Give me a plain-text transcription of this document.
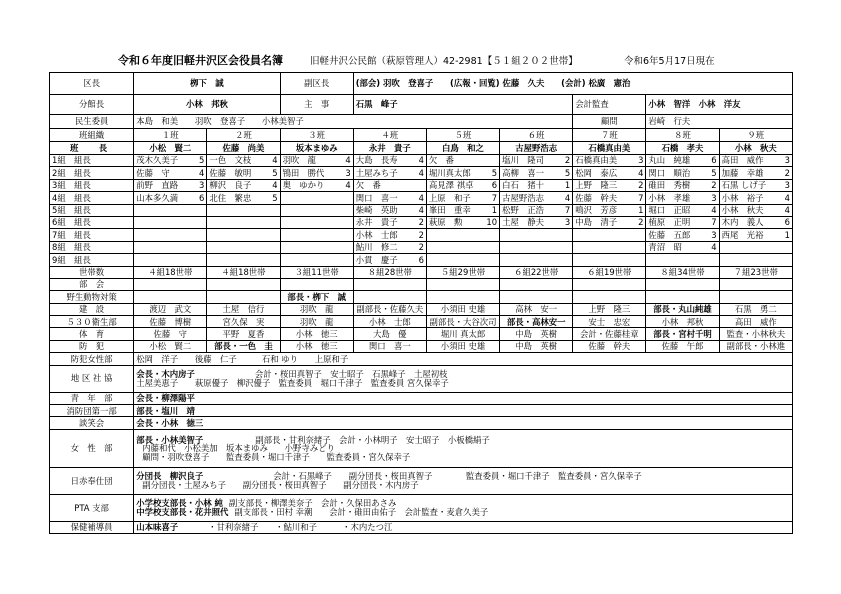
令和６年度旧軽井沢区会役員名簿	旧軽井沢公民館（萩原管理人）42-2981【５１組２０２世帯】	令和6年5月17日現在
区長	栁下　誠				副区長		(部会) 羽吹　登喜子　　(広報・回覧) 佐藤　久夫　　(会計) 松廣　憲治											
分館長	小林　邦秋				主　事		石黒　峰子						会計監査		小林　智洋　小林　洋友			
民生委員	本島　和美　　羽吹　登喜子　　小林美智子												顧問		岩崎　行夫			
班組織	１班		２班		３班		４班		５班		６班		７班		８班		９班	
班　長	小松　賢二		佐藤　尚美		坂本まゆみ		永井　貴子		白鳥　和之		古屋野浩志		石橋真由美		石橋　孝夫		小林　秋夫	
1組　組長	茂木久美子	5	一色　文枝	4	羽吹　龍	4	大島　長寿	4	欠　番		塩川　隆司	2	石橋真由美	3	丸山　純雄	6	高田　威作	3
2組　組長	佐藤　守	4	佐藤　敏明	5	鴇田　勝代	3	土屋みち子	4	堀川真太郎	5	高柳　喜一	5	松岡　泰広	4	関口　順治	5	加藤　幸雄	2
3組　組長	前野　直路	3	柳沢　良子	4	奥　ゆかり	4	欠　番		高見澤 祺卓	6	白石　猪十	1	上野　隆三	2	碓田　秀樹	2	石黒 しげ子	3
4組　組長	山本多久満	6	北住　繁忠	5			関口　喜一	4	上原　和子	7	古屋野浩志	4	佐藤　幹夫	7	小林　孝雄	3	小林　裕子	4
5組　組長							柴崎　英助	4	峯田　重幸	1	松野　正浩	7	鳴沢　芳彦	1	堀口　正昭	4	小林　秋夫	4
6組　組長							永井　貴子	2	萩原　勲	10	土屋　静夫	3	中島　清子	2	植原　正明	7	木内　義人	6
7組　組長							小林　士郎	2							佐藤　五郎	3	西尾　光裕	1
8組　組長							鮎川　修二	2							青沼　昭	4		
9組　組長							小貫　慶子	6										
世帯数	４組18世帯		４組18世帯		３組11世帯		８組28世帯		５組29世帯		６組22世帯		６組19世帯		８組34世帯		７組23世帯	
部　会																		
野生動物対策					部長・栁下　誠													
建　設	渡辺　武文		土屋　信行		羽吹　龍		副部長・佐藤久夫		小須田 史雄		高林　安一		上野　隆三		部長・丸山純雄		石黒　勇二	
５３０衛生部	佐藤　博樹		宮久保　実		羽吹　龍		小林　士郎		副部長・大谷次司		部長・高林安一		安士　忠宏		小林　邦秋		高田　威作	
体　育	佐藤　守		平野　夏香		小林　徳三		大島　優		堀川 真太郎		中島　英樹		会計・佐藤桂章		部長・宮村千明		監査・小林秋夫	
防　犯	小松　賢二		部長・一色　圭		小林　徳三		関口　喜一		小須田 史雄		中島　英樹		佐藤　幹夫		佐藤　午郎		副部長・小林進	
防犯女性部	松岡　洋子　　後藤　仁子　　　石和 ゆり　　上原和子																	
地 区 社 協	会長・木内房子 会計・桜田真智子　安士昭子　石黒峰子　土屋初枝
土屋美恵子　　萩原優子　柳沢優子　監査委員　堀口千津子　監査委員 宮久保幸子																	
青　年　部	会長・柳澤陽平																	
消防団第一部	部長・塩川　靖																	
談笑会	会長・小林　徳三																	
女　性　部	部長・小林美智子 副部長・甘利奈緒子　会計・小林明子　安士昭子　小板橋絹子
内藤和代　小松美加　坂本まゆみ　　小野寺みどり
顧問・羽吹登喜子　　監査委員・堀口千津子　　監査委員・宮久保幸子																	
日赤奉仕団	分団長　柳沢良子 会計・石黒峰子　　副分団長・桜田真智子　　　　監査委員・堀口千津子　監査委員・宮久保幸子
副分団長・土屋みち子　　副分団長・桜田真智子　　副分団長・木内房子																	
PTA 支部	小学校支部長・小林 純 副支部長・柳澤美奈子　会計・久保田あさみ
中学校支部長・花井照代 副支部長・田村 幸潮　　会計・碓田由佑子　会計監査・麦倉久美子																	
保健補導員	山本味喜子 ・甘利奈緒子　　・鮎川和子　　　・木内たつ江																	
